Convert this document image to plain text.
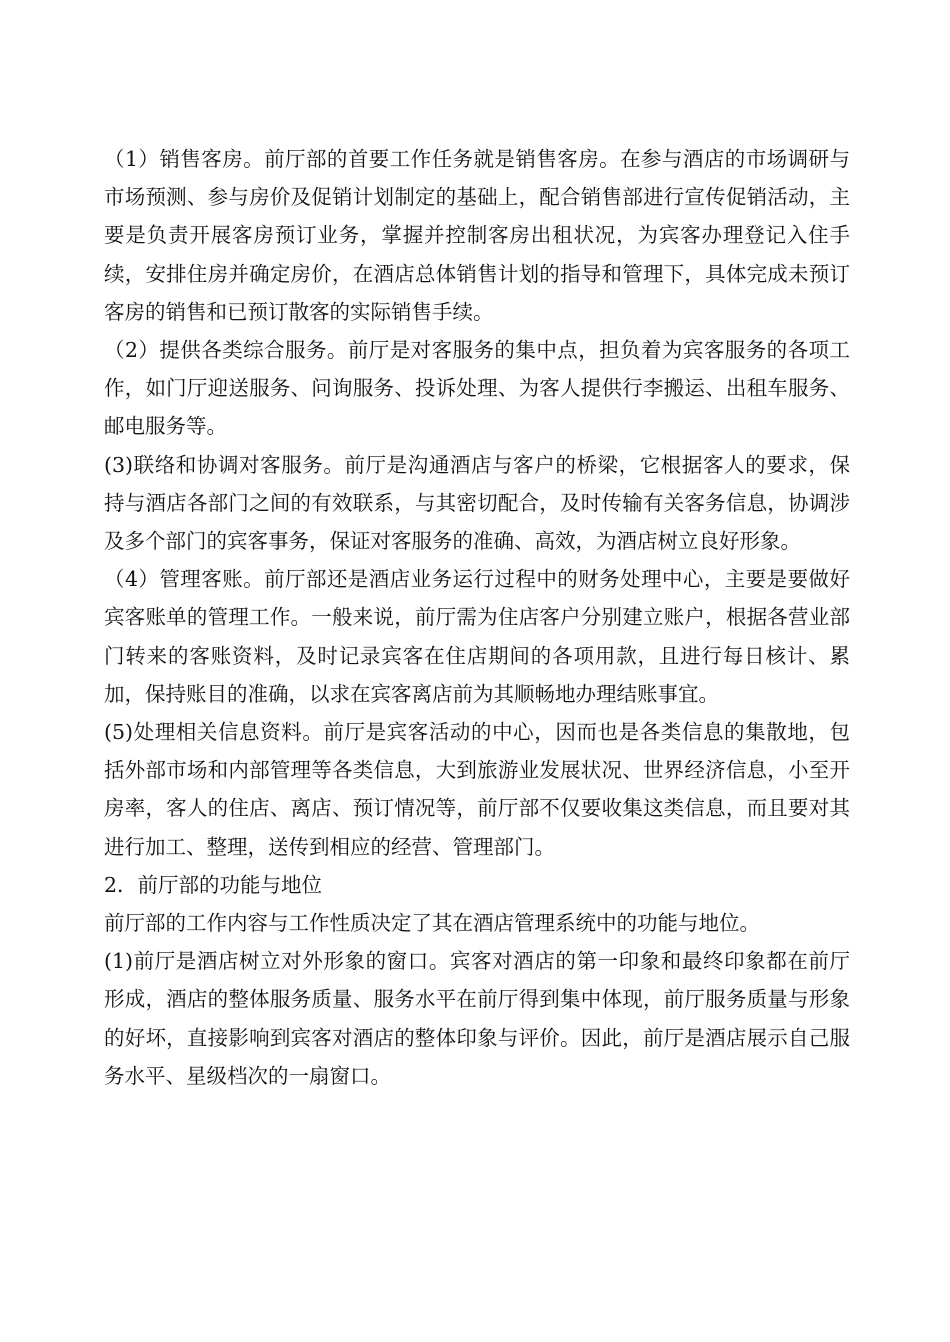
（1）销售客房。前厅部的首要工作任务就是销售客房。在参与酒店的市场调研与市场预测、参与房价及促销计划制定的基础上，配合销售部进行宣传促销活动，主要是负责开展客房预订业务，掌握并控制客房出租状况，为宾客办理登记入住手续，安排住房并确定房价，在酒店总体销售计划的指导和管理下，具体完成未预订客房的销售和已预订散客的实际销售手续。

（2）提供各类综合服务。前厅是对客服务的集中点，担负着为宾客服务的各项工作，如门厅迎送服务、问询服务、投诉处理、为客人提供行李搬运、出租车服务、邮电服务等。

(3)联络和协调对客服务。前厅是沟通酒店与客户的桥梁，它根据客人的要求，保持与酒店各部门之间的有效联系，与其密切配合，及时传输有关客务信息，协调涉及多个部门的宾客事务，保证对客服务的准确、高效，为酒店树立良好形象。

（4）管理客账。前厅部还是酒店业务运行过程中的财务处理中心，主要是要做好宾客账单的管理工作。一般来说，前厅需为住店客户分别建立账户，根据各营业部门转来的客账资料，及时记录宾客在住店期间的各项用款，且进行每日核计、累加，保持账目的准确，以求在宾客离店前为其顺畅地办理结账事宜。

(5)处理相关信息资料。前厅是宾客活动的中心，因而也是各类信息的集散地，包括外部市场和内部管理等各类信息，大到旅游业发展状况、世界经济信息，小至开房率，客人的住店、离店、预订情况等，前厅部不仅要收集这类信息，而且要对其进行加工、整理，送传到相应的经营、管理部门。

2．前厅部的功能与地位

前厅部的工作内容与工作性质决定了其在酒店管理系统中的功能与地位。

(1)前厅是酒店树立对外形象的窗口。宾客对酒店的第一印象和最终印象都在前厅形成，酒店的整体服务质量、服务水平在前厅得到集中体现，前厅服务质量与形象的好坏，直接影响到宾客对酒店的整体印象与评价。因此，前厅是酒店展示自己服务水平、星级档次的一扇窗口。
